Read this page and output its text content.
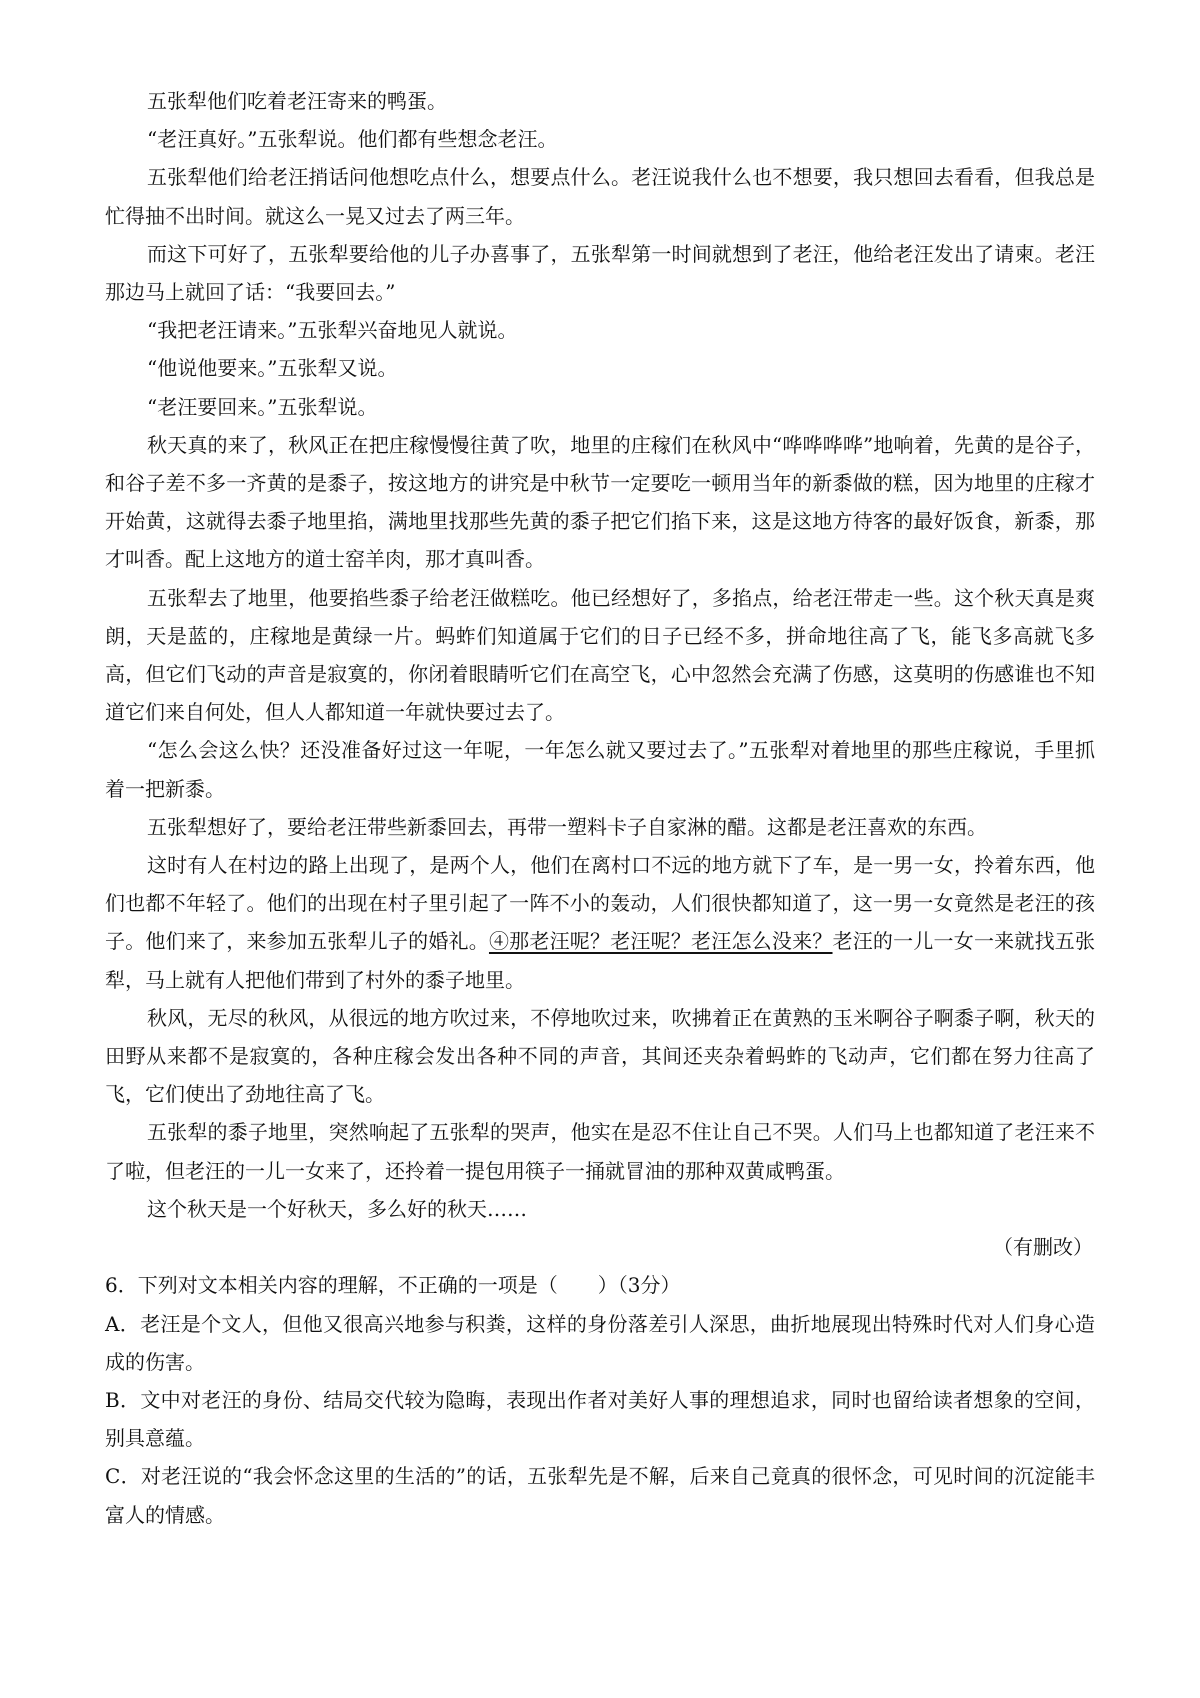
五张犁他们吃着老汪寄来的鸭蛋。

“老汪真好。”五张犁说。他们都有些想念老汪。

五张犁他们给老汪捎话问他想吃点什么，想要点什么。老汪说我什么也不想要，我只想回去看看，但我总是忙得抽不出时间。就这么一晃又过去了两三年。

而这下可好了，五张犁要给他的儿子办喜事了，五张犁第一时间就想到了老汪，他给老汪发出了请柬。老汪那边马上就回了话：“我要回去。”

“我把老汪请来。”五张犁兴奋地见人就说。

“他说他要来。”五张犁又说。

“老汪要回来。”五张犁说。

秋天真的来了，秋风正在把庄稼慢慢往黄了吹，地里的庄稼们在秋风中“哗哗哗哗”地响着，先黄的是谷子，和谷子差不多一齐黄的是黍子，按这地方的讲究是中秋节一定要吃一顿用当年的新黍做的糕，因为地里的庄稼才开始黄，这就得去黍子地里掐，满地里找那些先黄的黍子把它们掐下来，这是这地方待客的最好饭食，新黍，那才叫香。配上这地方的道士窑羊肉，那才真叫香。

五张犁去了地里，他要掐些黍子给老汪做糕吃。他已经想好了，多掐点，给老汪带走一些。这个秋天真是爽朗，天是蓝的，庄稼地是黄绿一片。蚂蚱们知道属于它们的日子已经不多，拼命地往高了飞，能飞多高就飞多高，但它们飞动的声音是寂寞的，你闭着眼睛听它们在高空飞，心中忽然会充满了伤感，这莫明的伤感谁也不知道它们来自何处，但人人都知道一年就快要过去了。

“怎么会这么快？还没准备好过这一年呢，一年怎么就又要过去了。”五张犁对着地里的那些庄稼说，手里抓着一把新黍。

五张犁想好了，要给老汪带些新黍回去，再带一塑料卡子自家淋的醋。这都是老汪喜欢的东西。

这时有人在村边的路上出现了，是两个人，他们在离村口不远的地方就下了车，是一男一女，拎着东西，他们也都不年轻了。他们的出现在村子里引起了一阵不小的轰动，人们很快都知道了，这一男一女竟然是老汪的孩子。他们来了，来参加五张犁儿子的婚礼。④那老汪呢？老汪呢？老汪怎么没来？老汪的一儿一女一来就找五张犁，马上就有人把他们带到了村外的黍子地里。

秋风，无尽的秋风，从很远的地方吹过来，不停地吹过来，吹拂着正在黄熟的玉米啊谷子啊黍子啊，秋天的田野从来都不是寂寞的，各种庄稼会发出各种不同的声音，其间还夹杂着蚂蚱的飞动声，它们都在努力往高了飞，它们使出了劲地往高了飞。

五张犁的黍子地里，突然响起了五张犁的哭声，他实在是忍不住让自己不哭。人们马上也都知道了老汪来不了啦，但老汪的一儿一女来了，还拎着一提包用筷子一捅就冒油的那种双黄咸鸭蛋。

这个秋天是一个好秋天，多么好的秋天……

（有删改）

6．下列对文本相关内容的理解，不正确的一项是（　　）（3分）

A．老汪是个文人，但他又很高兴地参与积粪，这样的身份落差引人深思，曲折地展现出特殊时代对人们身心造成的伤害。

B．文中对老汪的身份、结局交代较为隐晦，表现出作者对美好人事的理想追求，同时也留给读者想象的空间，别具意蕴。

C．对老汪说的“我会怀念这里的生活的”的话，五张犁先是不解，后来自己竟真的很怀念，可见时间的沉淀能丰富人的情感。
